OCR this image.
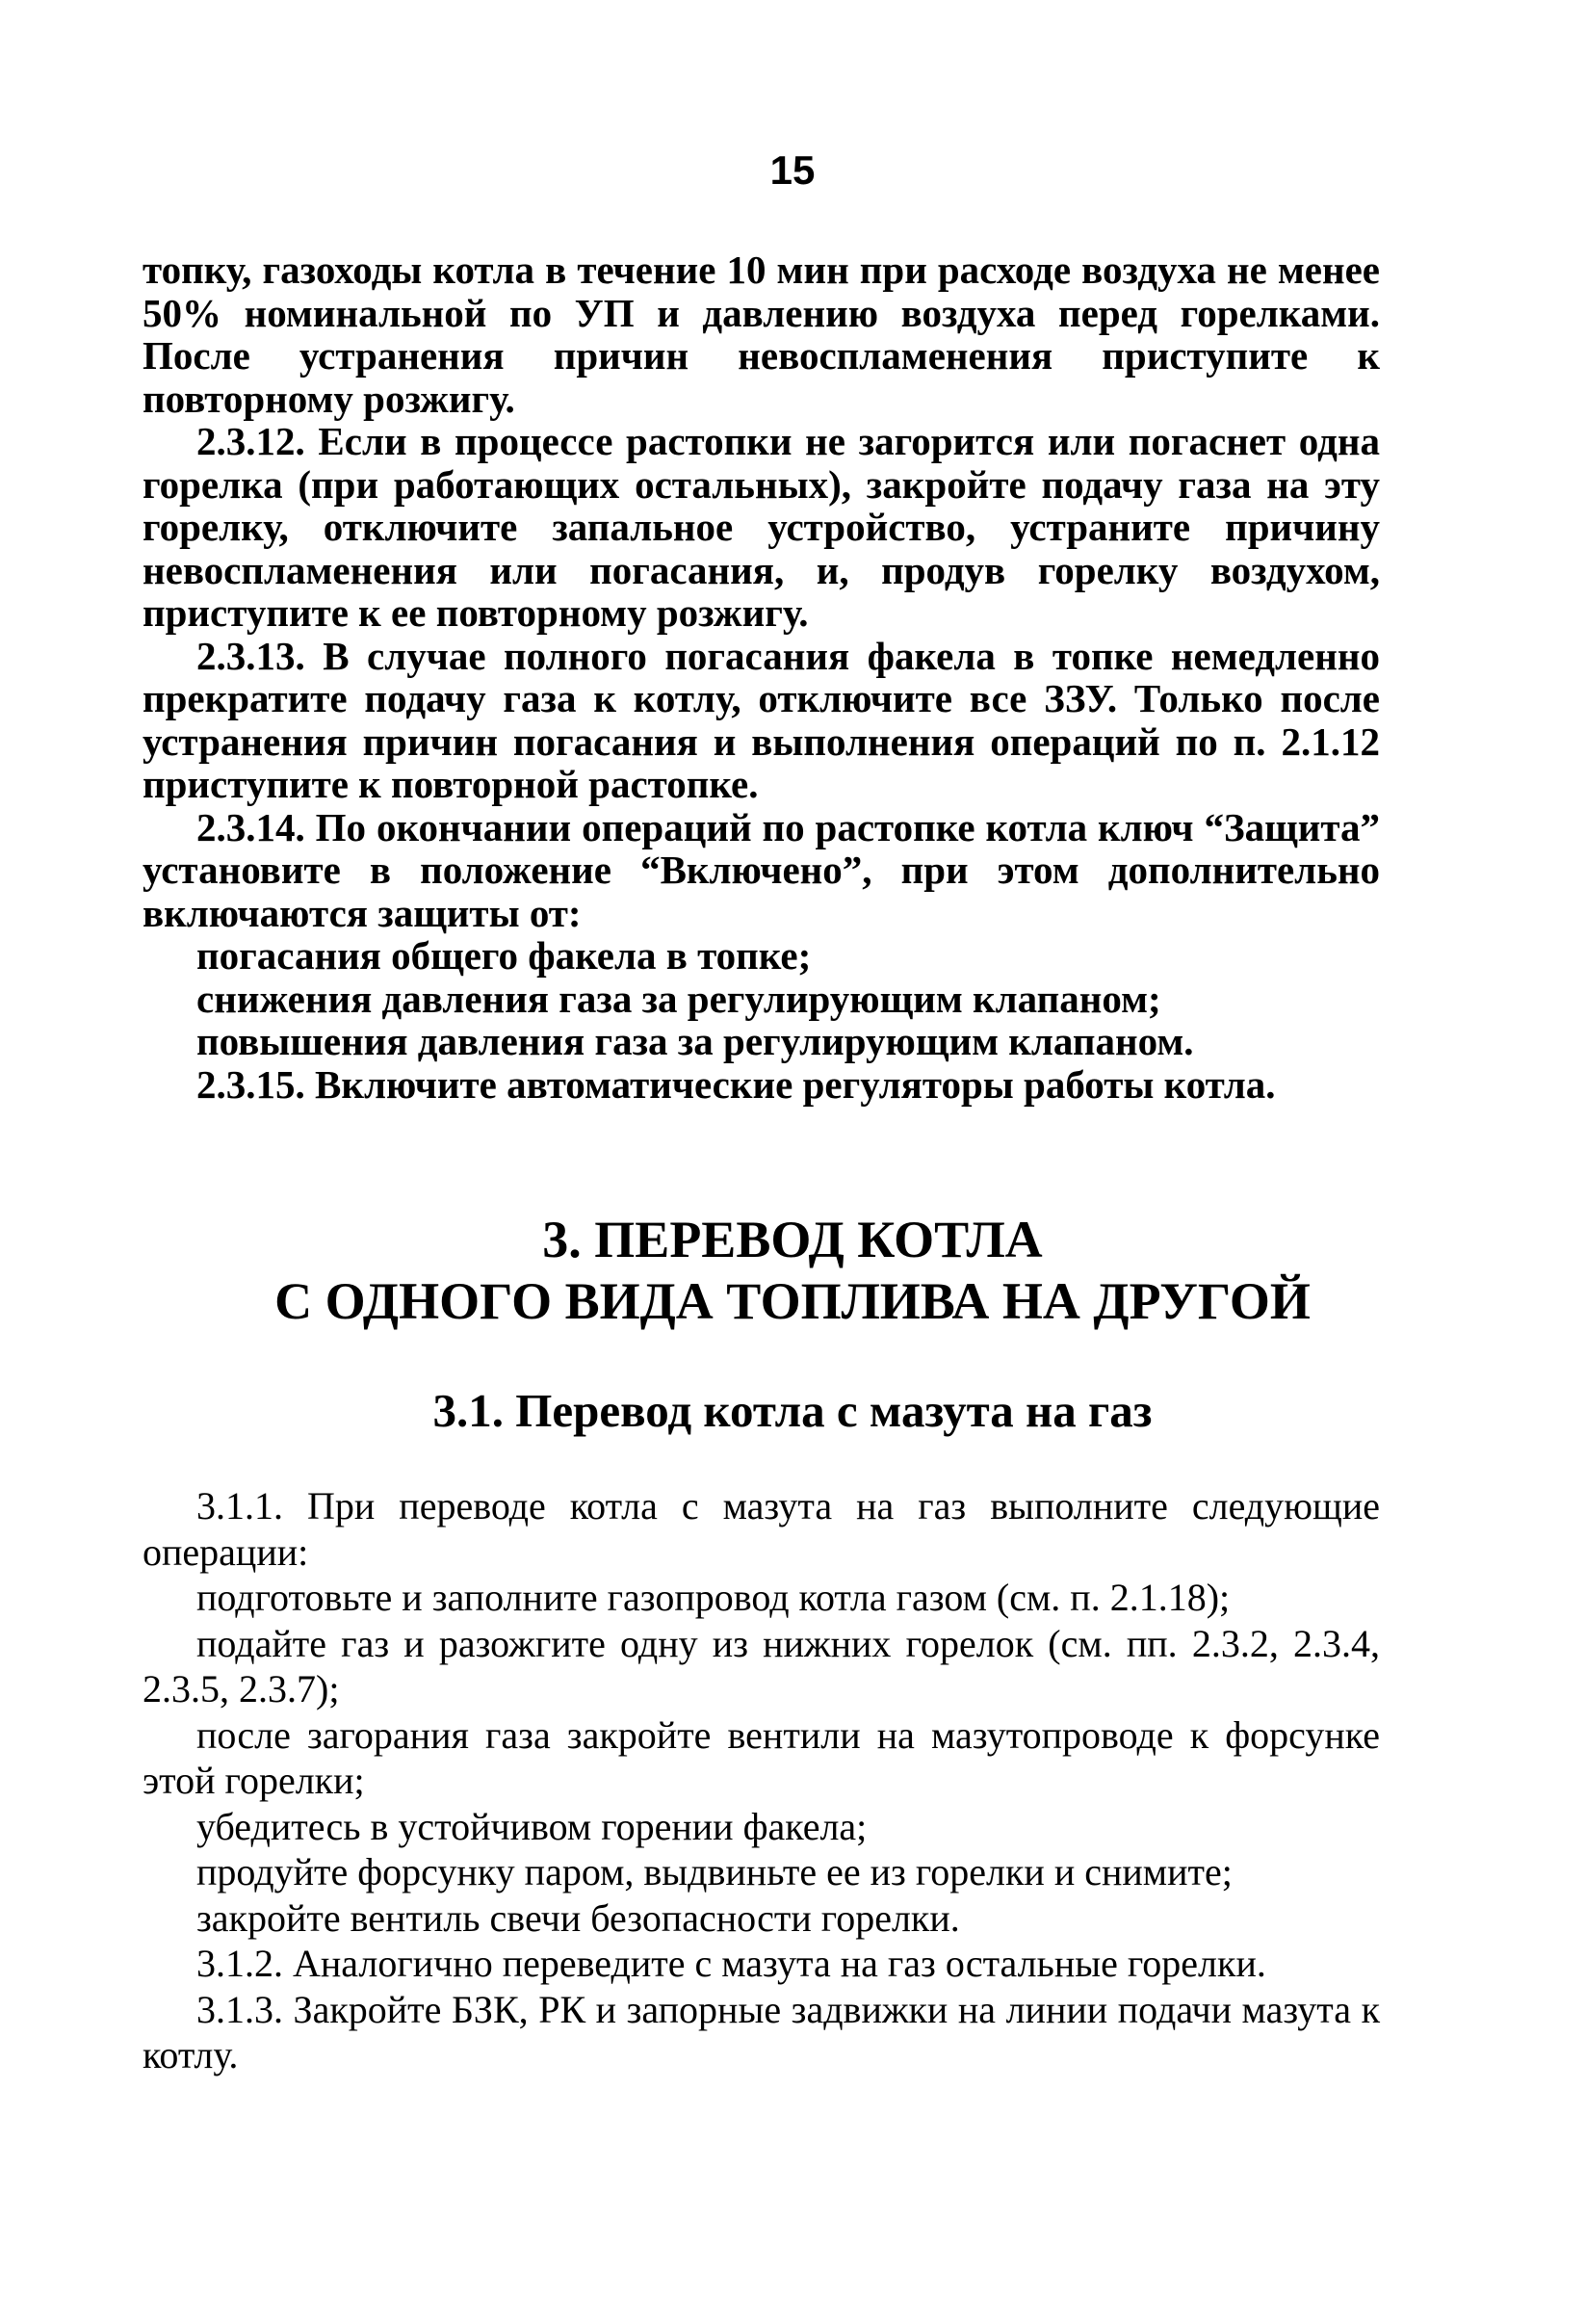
15

топку, газоходы котла в течение 10 мин при расходе воздуха не менее 50% номинальной по УП и давлению воздуха перед горелками. После устранения причин невоспламенения приступите к повторному розжигу.

2.3.12. Если в процессе растопки не загорится или погаснет одна горелка (при работающих остальных), закройте подачу газа на эту горелку, отключите запальное устройство, устраните причину невоспламенения или погасания, и, продув горелку воздухом, приступите к ее повторному розжигу.

2.3.13. В случае полного погасания факела в топке немедленно прекратите подачу газа к котлу, отключите все ЗЗУ. Только после устранения причин погасания и выполнения операций по п. 2.1.12 приступите к повторной растопке.

2.3.14. По окончании операций по растопке котла ключ “Защита” установите в положение “Включено”, при этом дополнительно включаются защиты от:

погасания общего факела в топке;

снижения давления газа за регулирующим клапаном;

повышения давления газа за регулирующим клапаном.

2.3.15. Включите автоматические регуляторы работы котла.

3. ПЕРЕВОД КОТЛА
С ОДНОГО ВИДА ТОПЛИВА НА ДРУГОЙ
3.1. Перевод котла с мазута на газ

3.1.1. При переводе котла с мазута на газ выполните следующие операции:

подготовьте и заполните газопровод котла газом (см. п. 2.1.18);

подайте газ и разожгите одну из нижних горелок (см. пп. 2.3.2, 2.3.4, 2.3.5, 2.3.7);

после загорания газа закройте вентили на мазутопроводе к форсунке этой горелки;

убедитесь в устойчивом горении факела;

продуйте форсунку паром, выдвиньте ее из горелки и снимите;

закройте вентиль свечи безопасности горелки.

3.1.2. Аналогично переведите с мазута на газ остальные горелки.

3.1.3. Закройте БЗК, РК и запорные задвижки на линии подачи мазута к котлу.
